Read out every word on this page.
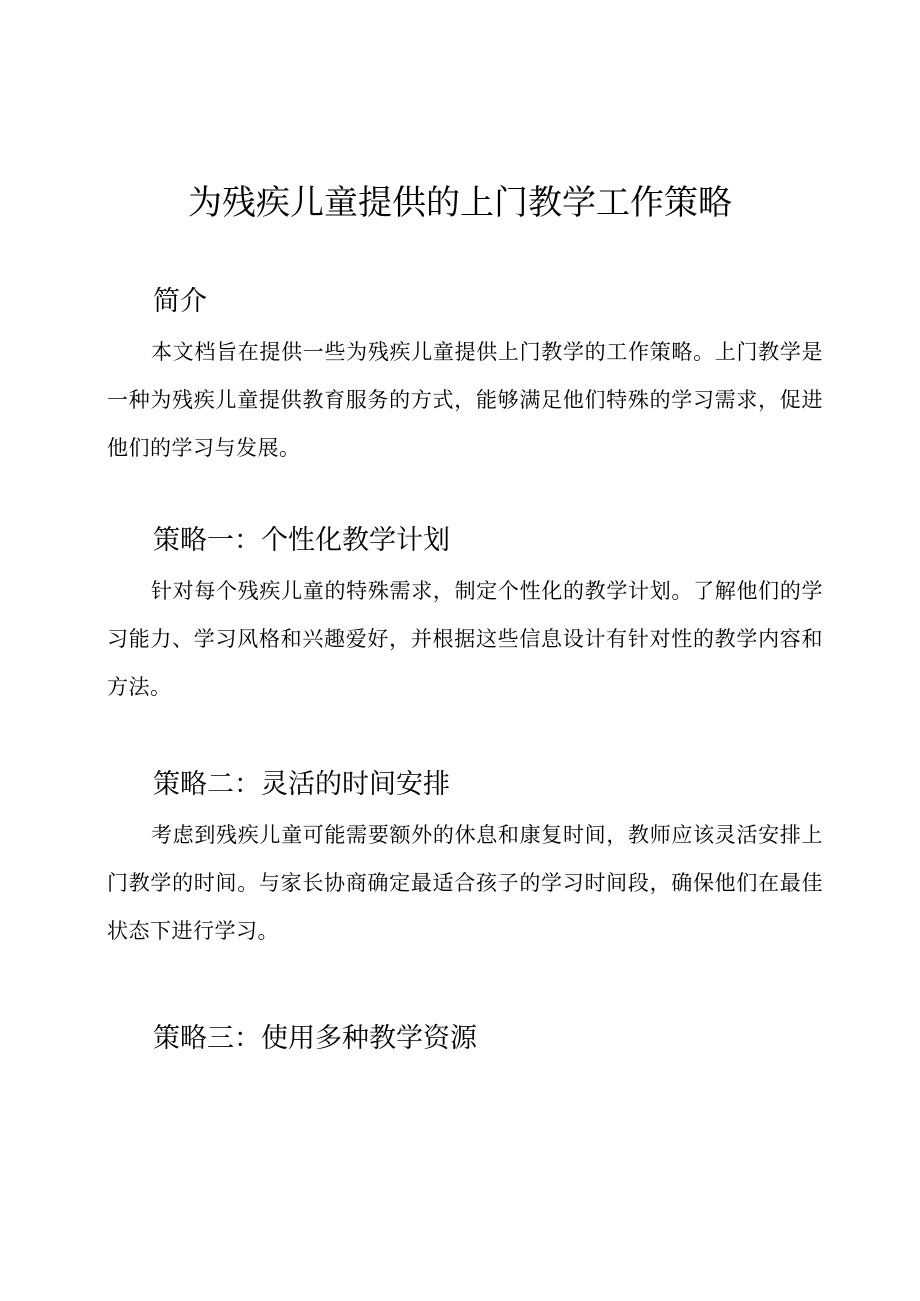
为残疾儿童提供的上门教学工作策略
简介

本文档旨在提供一些为残疾儿童提供上门教学的工作策略。上门教学是一种为残疾儿童提供教育服务的方式，能够满足他们特殊的学习需求，促进他们的学习与发展。

策略一：个性化教学计划

针对每个残疾儿童的特殊需求，制定个性化的教学计划。了解他们的学习能力、学习风格和兴趣爱好，并根据这些信息设计有针对性的教学内容和方法。

策略二：灵活的时间安排

考虑到残疾儿童可能需要额外的休息和康复时间，教师应该灵活安排上门教学的时间。与家长协商确定最适合孩子的学习时间段，确保他们在最佳状态下进行学习。

策略三：使用多种教学资源
